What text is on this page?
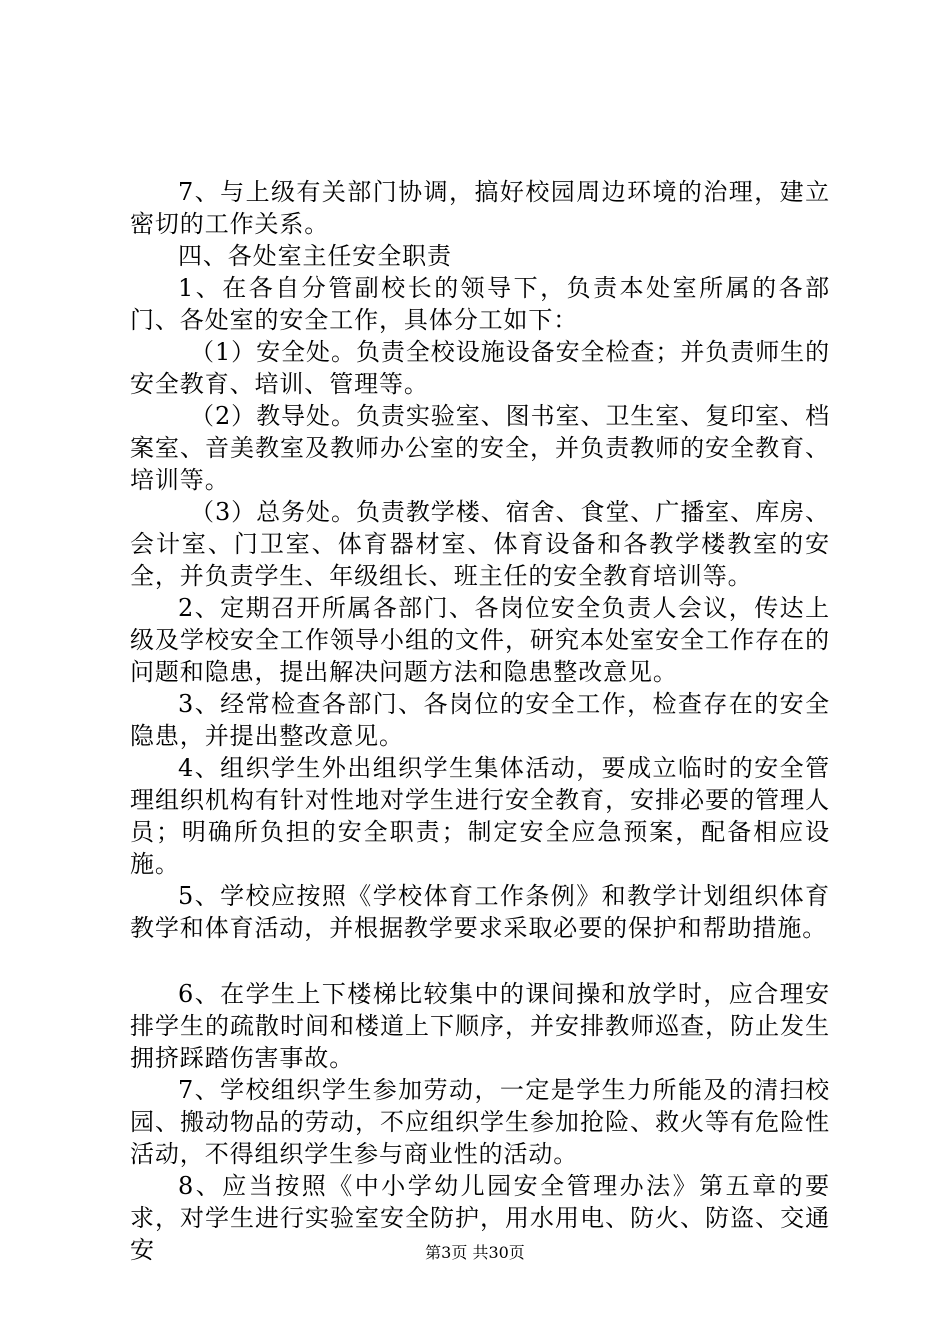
7、与上级有关部门协调，搞好校园周边环境的治理，建立密切的工作关系。

四、各处室主任安全职责

1、在各自分管副校长的领导下，负责本处室所属的各部门、各处室的安全工作，具体分工如下：

（1）安全处。负责全校设施设备安全检查；并负责师生的安全教育、培训、管理等。

（2）教导处。负责实验室、图书室、卫生室、复印室、档案室、音美教室及教师办公室的安全，并负责教师的安全教育、培训等。

（3）总务处。负责教学楼、宿舍、食堂、广播室、库房、会计室、门卫室、体育器材室、体育设备和各教学楼教室的安全，并负责学生、年级组长、班主任的安全教育培训等。

2、定期召开所属各部门、各岗位安全负责人会议，传达上级及学校安全工作领导小组的文件，研究本处室安全工作存在的问题和隐患，提出解决问题方法和隐患整改意见。

3、经常检查各部门、各岗位的安全工作，检查存在的安全隐患，并提出整改意见。

4、组织学生外出组织学生集体活动，要成立临时的安全管理组织机构有针对性地对学生进行安全教育，安排必要的管理人员；明确所负担的安全职责；制定安全应急预案，配备相应设施。

5、学校应按照《学校体育工作条例》和教学计划组织体育教学和体育活动，并根据教学要求采取必要的保护和帮助措施。

6、在学生上下楼梯比较集中的课间操和放学时，应合理安排学生的疏散时间和楼道上下顺序，并安排教师巡查，防止发生拥挤踩踏伤害事故。

7、学校组织学生参加劳动，一定是学生力所能及的清扫校园、搬动物品的劳动，不应组织学生参加抢险、救火等有危险性活动，不得组织学生参与商业性的活动。

8、应当按照《中小学幼儿园安全管理办法》第五章的要求，对学生进行实验室安全防护，用水用电、防火、防盗、交通安	第3页 共30页
